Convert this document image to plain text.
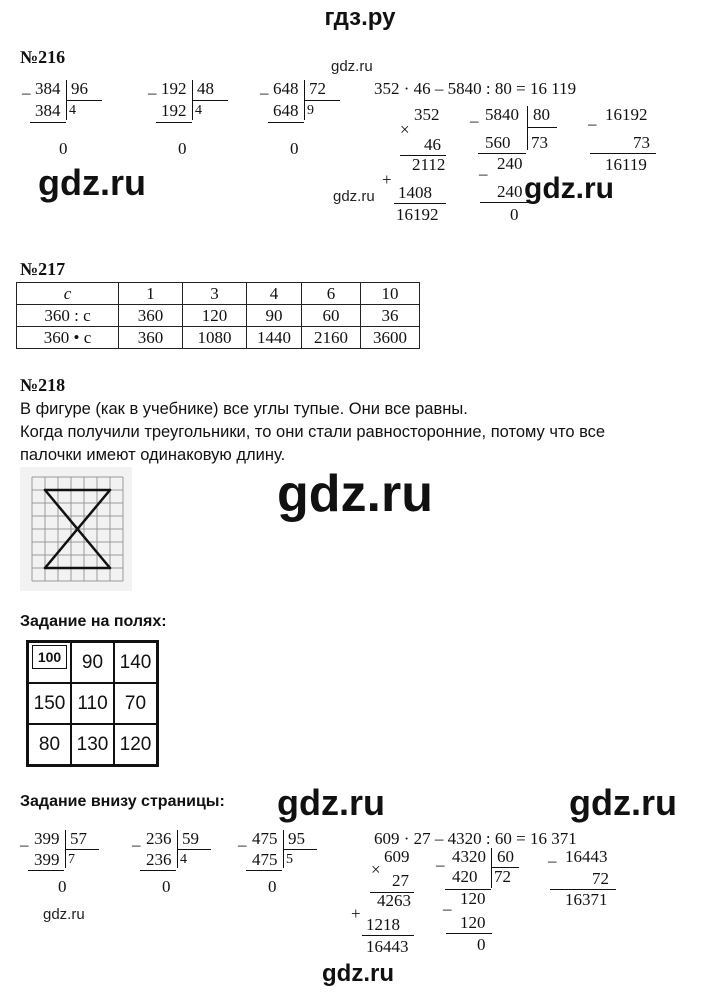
гдз.ру
№216
– 384 96
384 4
0
– 192 48
192 4
0
– 648 72
648 9
0
gdz.ru
352 · 46 – 5840 : 80 = 16 119
×
352
46
2112
+
1408
16192
– 5840 80
560 73
240
–
240
0
– 16192
73
16119
gdz.ru	gdz.ru	gdz.ru
№217
c	1	3	4	6	10
360 : c	360	120	90	60	36
360 • c	360	1080	1440	2160	3600
№218
В фигуре (как в учебнике) все углы тупые. Они все равны.
Когда получили треугольники, то они стали равносторонние, потому что все
палочки имеют одинаковую длину.
gdz.ru
Задание на полях:
100	90	140
150	110	70
80	130	120
Задание внизу страницы: gdz.ru	gdz.ru
– 399 57
399 7
0
– 236 59
236 4
0
– 475 95
475 5
0
609 · 27 – 4320 : 60 = 16 371
×
609
27
4263
+
1218
16443
– 4320 60
420 72
120
–
120
0
– 16443
72
16371
gdz.ru
gdz.ru
